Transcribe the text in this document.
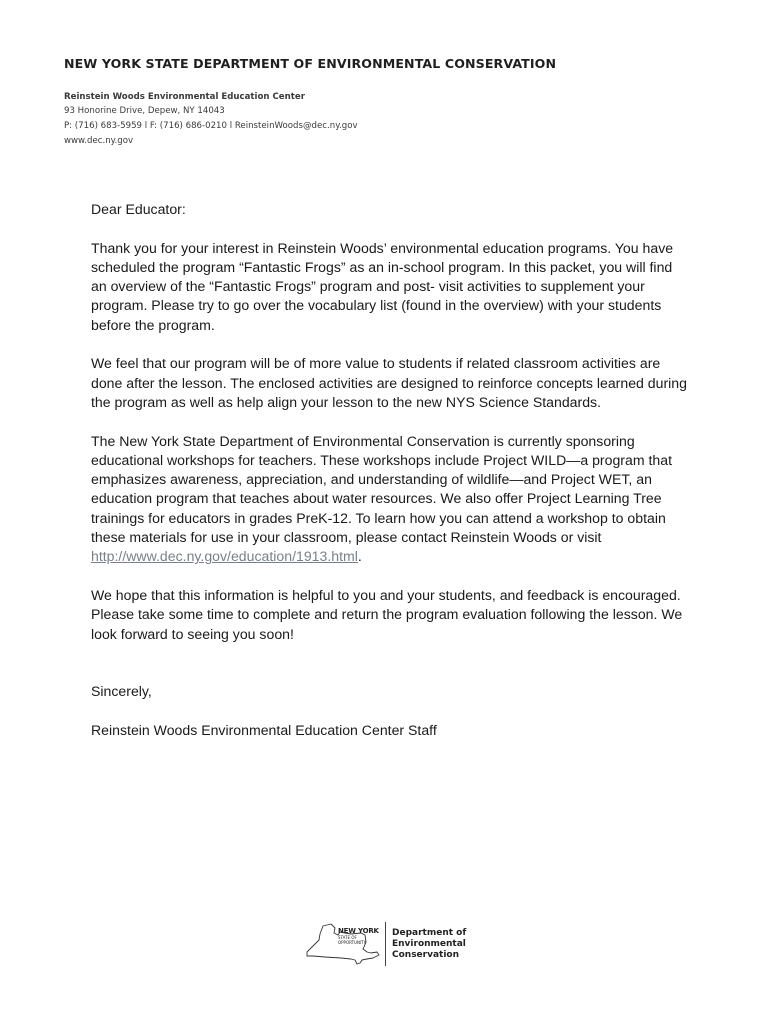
NEW YORK STATE DEPARTMENT OF ENVIRONMENTAL CONSERVATION
Reinstein Woods Environmental Education Center
93 Honorine Drive, Depew, NY 14043
P: (716) 683-5959 l F: (716) 686-0210 l ReinsteinWoods@dec.ny.gov
www.dec.ny.gov

Dear Educator:

Thank you for your interest in Reinstein Woods’ environmental education programs. You have scheduled the program “Fantastic Frogs” as an in-school program. In this packet, you will find an overview of the “Fantastic Frogs” program and post- visit activities to supplement your program. Please try to go over the vocabulary list (found in the overview) with your students before the program.

We feel that our program will be of more value to students if related classroom activities are done after the lesson. The enclosed activities are designed to reinforce concepts learned during the program as well as help align your lesson to the new NYS Science Standards.

The New York State Department of Environmental Conservation is currently sponsoring educational workshops for teachers. These workshops include Project WILD—a program that emphasizes awareness, appreciation, and understanding of wildlife—and Project WET, an education program that teaches about water resources. We also offer Project Learning Tree trainings for educators in grades PreK-12. To learn how you can attend a workshop to obtain these materials for use in your classroom, please contact Reinstein Woods or visit http://www.dec.ny.gov/education/1913.html.

We hope that this information is helpful to you and your students, and feedback is encouraged. Please take some time to complete and return the program evaluation following the lesson. We look forward to seeing you soon!

Sincerely,

Reinstein Woods Environmental Education Center Staff

NEW YORK
STATE OF
OPPORTUNITY.
Department of
Environmental
Conservation
